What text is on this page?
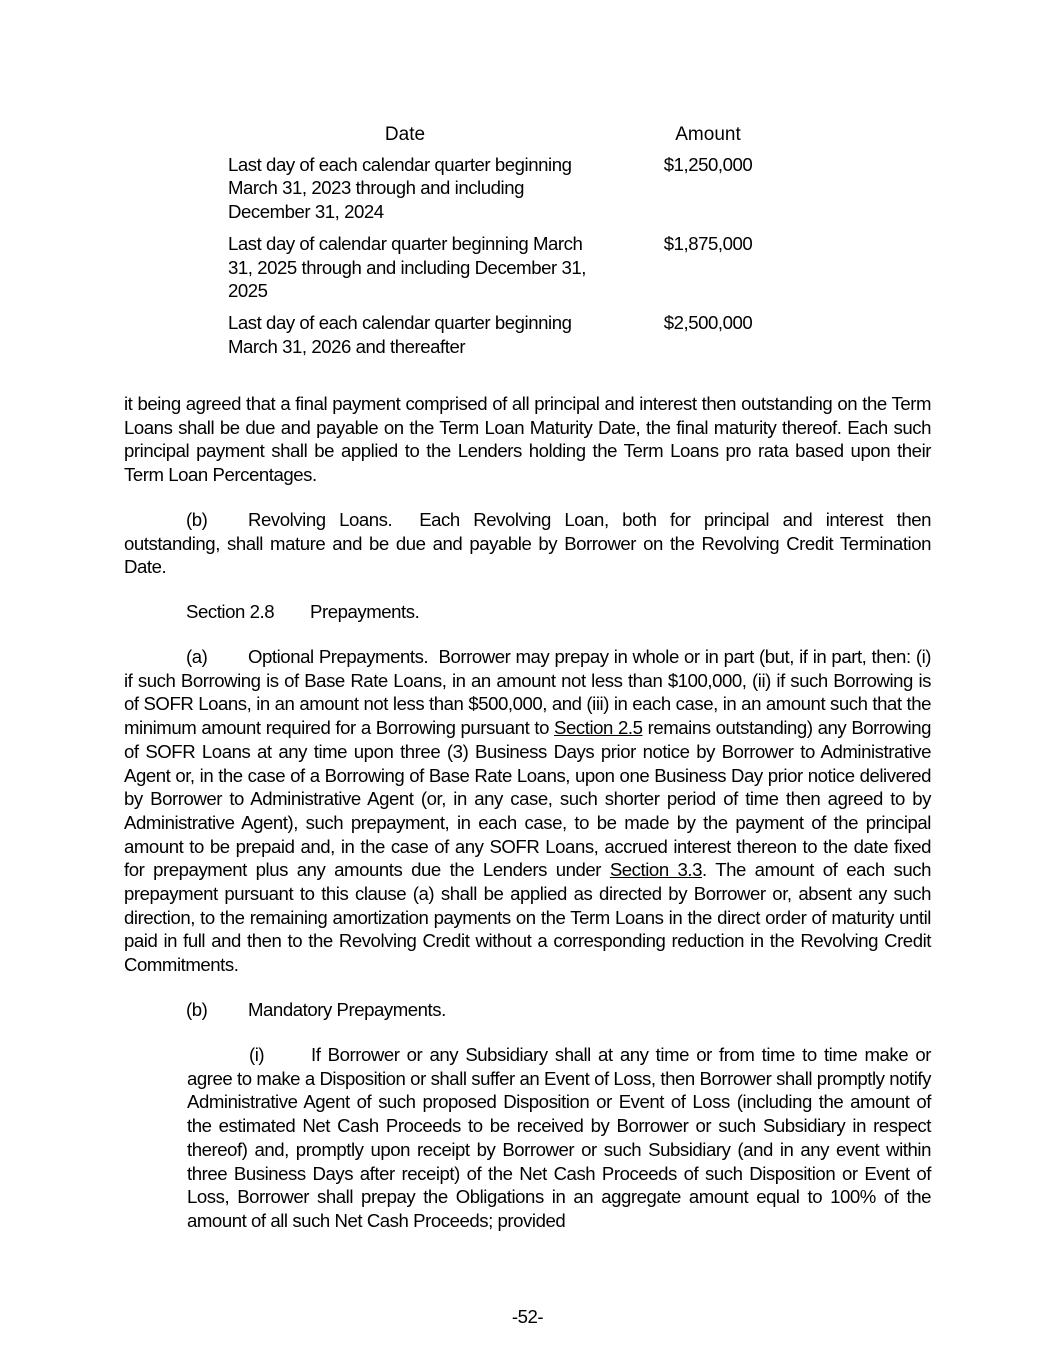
Date	Amount
Last day of each calendar quarter beginning March 31, 2023 through and including December 31, 2024	$1,250,000
Last day of calendar quarter beginning March 31, 2025 through and including December 31, 2025	$1,875,000
Last day of each calendar quarter beginning March 31, 2026 and thereafter	$2,500,000

it being agreed that a final payment comprised of all principal and interest then outstanding on the Term Loans shall be due and payable on the Term Loan Maturity Date, the final maturity thereof. Each such principal payment shall be applied to the Lenders holding the Term Loans pro rata based upon their Term Loan Percentages.

(b) Revolving Loans. Each Revolving Loan, both for principal and interest then outstanding, shall mature and be due and payable by Borrower on the Revolving Credit Termination Date.

Section 2.8 Prepayments.

(a) Optional Prepayments. Borrower may prepay in whole or in part (but, if in part, then: (i) if such Borrowing is of Base Rate Loans, in an amount not less than $100,000, (ii) if such Borrowing is of SOFR Loans, in an amount not less than $500,000, and (iii) in each case, in an amount such that the minimum amount required for a Borrowing pursuant to Section 2.5 remains outstanding) any Borrowing of SOFR Loans at any time upon three (3) Business Days prior notice by Borrower to Administrative Agent or, in the case of a Borrowing of Base Rate Loans, upon one Business Day prior notice delivered by Borrower to Administrative Agent (or, in any case, such shorter period of time then agreed to by Administrative Agent), such prepayment, in each case, to be made by the payment of the principal amount to be prepaid and, in the case of any SOFR Loans, accrued interest thereon to the date fixed for prepayment plus any amounts due the Lenders under Section 3.3. The amount of each such prepayment pursuant to this clause (a) shall be applied as directed by Borrower or, absent any such direction, to the remaining amortization payments on the Term Loans in the direct order of maturity until paid in full and then to the Revolving Credit without a corresponding reduction in the Revolving Credit Commitments.

(b) Mandatory Prepayments.

(i)	If Borrower or any Subsidiary shall at any time or from time to time make or agree to make a Disposition or shall suffer an Event of Loss, then Borrower shall promptly notify Administrative Agent of such proposed Disposition or Event of Loss (including the amount of the estimated Net Cash Proceeds to be received by Borrower or such Subsidiary in respect thereof) and, promptly upon receipt by Borrower or such Subsidiary (and in any event within three Business Days after receipt) of the Net Cash Proceeds of such Disposition or Event of Loss, Borrower shall prepay the Obligations in an aggregate amount equal to 100% of the amount of all such Net Cash Proceeds; provided

-52-
